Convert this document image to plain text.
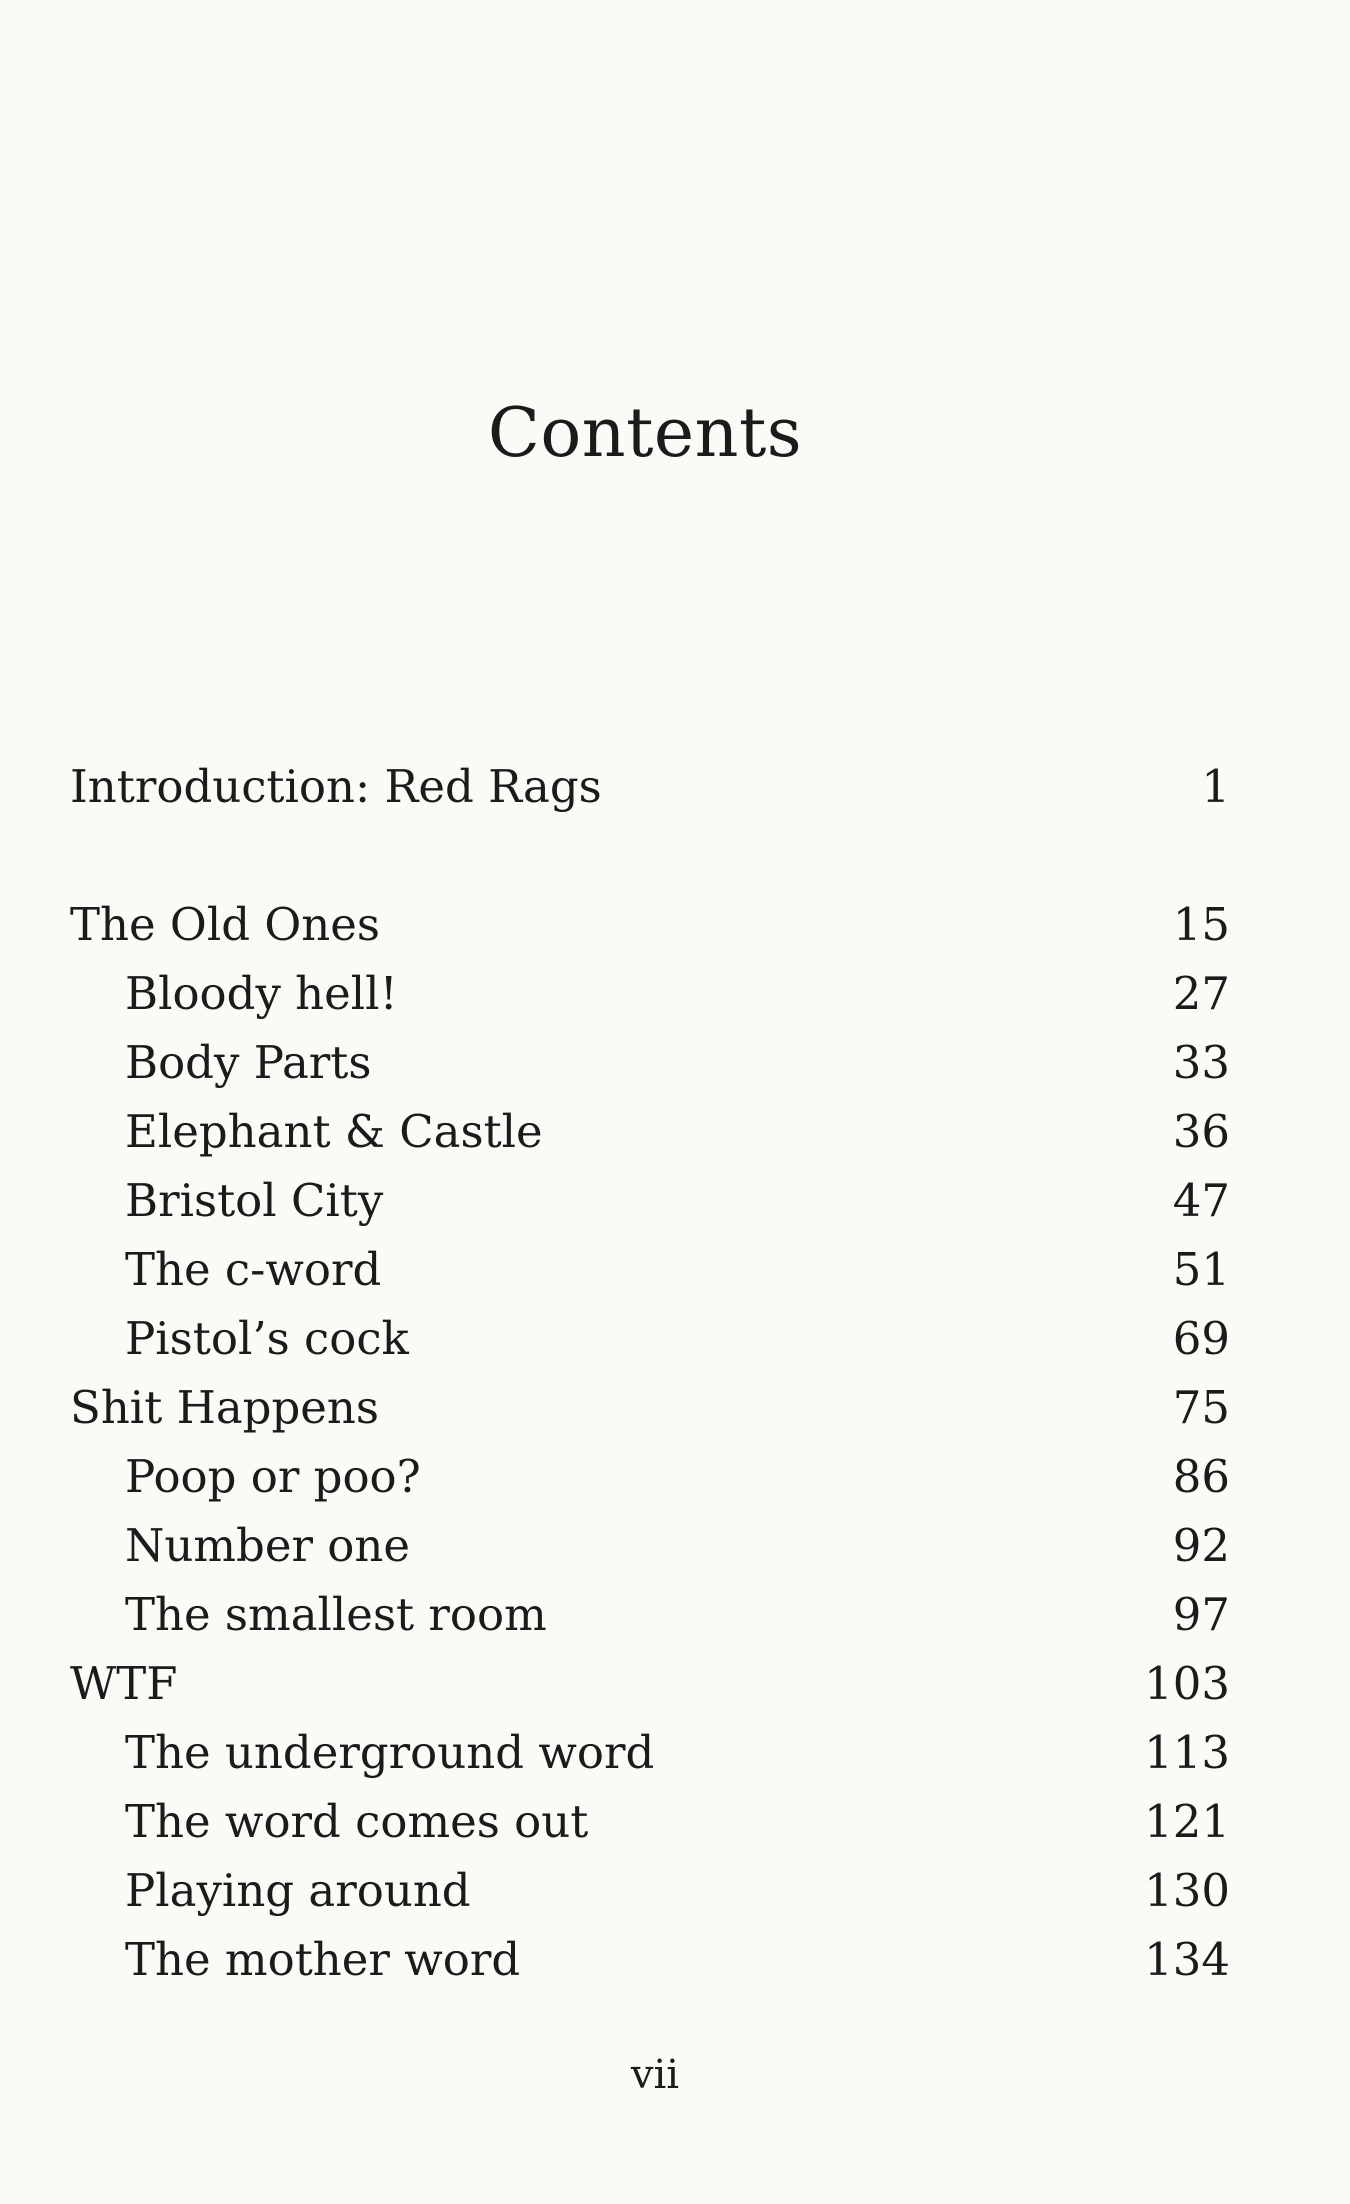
Contents
Introduction: Red Rags	1
The Old Ones	15
Bloody hell!	27
Body Parts	33
Elephant & Castle	36
Bristol City	47
The c-word	51
Pistol’s cock	69
Shit Happens	75
Poop or poo?	86
Number one	92
The smallest room	97
WTF	103
The underground word	113
The word comes out	121
Playing around	130
The mother word	134
vii
